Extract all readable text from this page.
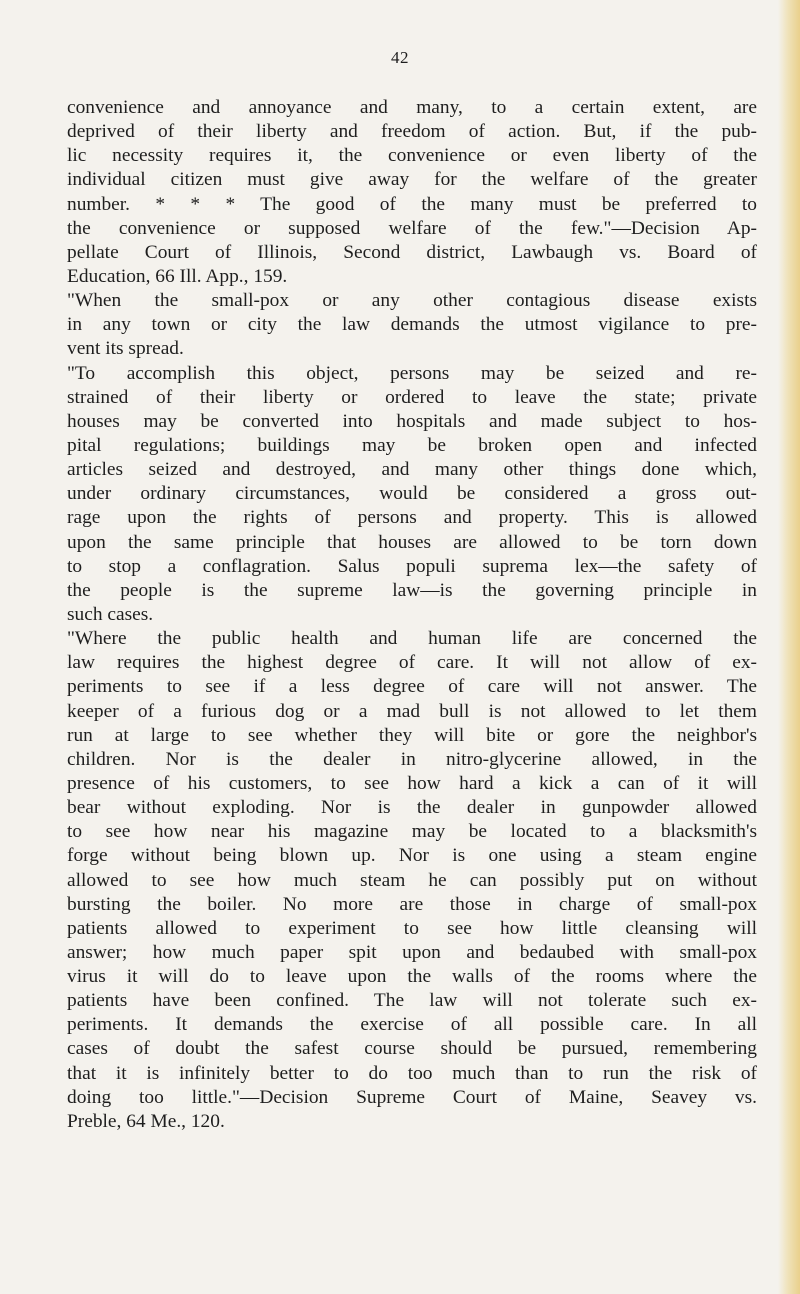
42
convenience and annoyance and many, to a certain extent, are
deprived of their liberty and freedom of action. But, if the pub-
lic necessity requires it, the convenience or even liberty of the
individual citizen must give away for the welfare of the greater
number. * * * The good of the many must be preferred to
the convenience or supposed welfare of the few."—Decision Ap-
pellate Court of Illinois, Second district, Lawbaugh vs. Board of
Education, 66 Ill. App., 159.
"When the small-pox or any other contagious disease exists
in any town or city the law demands the utmost vigilance to pre-
vent its spread.
"To accomplish this object, persons may be seized and re-
strained of their liberty or ordered to leave the state; private
houses may be converted into hospitals and made subject to hos-
pital regulations; buildings may be broken open and infected
articles seized and destroyed, and many other things done which,
under ordinary circumstances, would be considered a gross out-
rage upon the rights of persons and property. This is allowed
upon the same principle that houses are allowed to be torn down
to stop a conflagration. Salus populi suprema lex—the safety of
the people is the supreme law—is the governing principle in
such cases.
"Where the public health and human life are concerned the
law requires the highest degree of care. It will not allow of ex-
periments to see if a less degree of care will not answer. The
keeper of a furious dog or a mad bull is not allowed to let them
run at large to see whether they will bite or gore the neighbor's
children. Nor is the dealer in nitro-glycerine allowed, in the
presence of his customers, to see how hard a kick a can of it will
bear without exploding. Nor is the dealer in gunpowder allowed
to see how near his magazine may be located to a blacksmith's
forge without being blown up. Nor is one using a steam engine
allowed to see how much steam he can possibly put on without
bursting the boiler. No more are those in charge of small-pox
patients allowed to experiment to see how little cleansing will
answer; how much paper spit upon and bedaubed with small-pox
virus it will do to leave upon the walls of the rooms where the
patients have been confined. The law will not tolerate such ex-
periments. It demands the exercise of all possible care. In all
cases of doubt the safest course should be pursued, remembering
that it is infinitely better to do too much than to run the risk of
doing too little."—Decision Supreme Court of Maine, Seavey vs.
Preble, 64 Me., 120.
